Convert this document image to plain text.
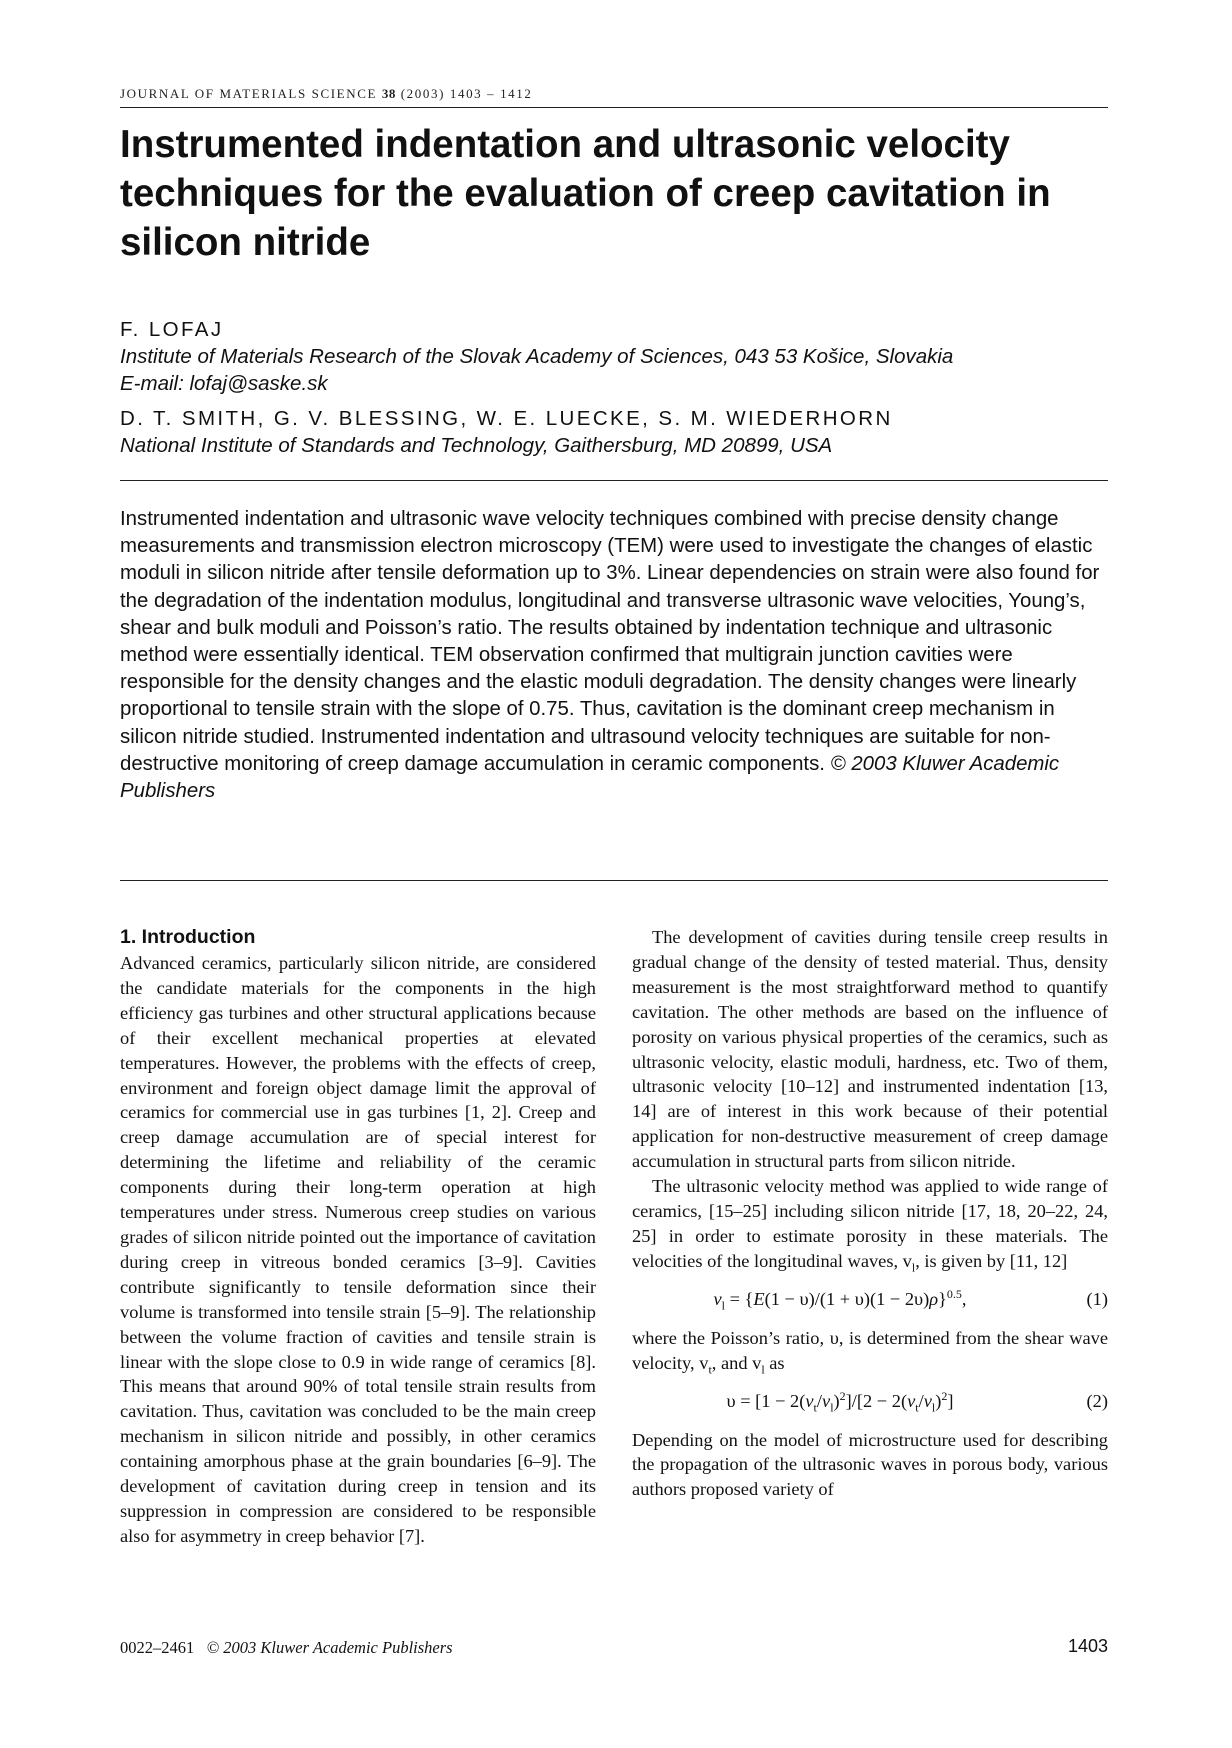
JOURNAL OF MATERIALS SCIENCE 38 (2003) 1403 – 1412
Instrumented indentation and ultrasonic velocity techniques for the evaluation of creep cavitation in silicon nitride
F. LOFAJ
Institute of Materials Research of the Slovak Academy of Sciences, 043 53 Košice, Slovakia
E-mail: lofaj@saske.sk
D. T. SMITH, G. V. BLESSING, W. E. LUECKE, S. M. WIEDERHORN
National Institute of Standards and Technology, Gaithersburg, MD 20899, USA

Instrumented indentation and ultrasonic wave velocity techniques combined with precise density change measurements and transmission electron microscopy (TEM) were used to investigate the changes of elastic moduli in silicon nitride after tensile deformation up to 3%. Linear dependencies on strain were also found for the degradation of the indentation modulus, longitudinal and transverse ultrasonic wave velocities, Young’s, shear and bulk moduli and Poisson’s ratio. The results obtained by indentation technique and ultrasonic method were essentially identical. TEM observation confirmed that multigrain junction cavities were responsible for the density changes and the elastic moduli degradation. The density changes were linearly proportional to tensile strain with the slope of 0.75. Thus, cavitation is the dominant creep mechanism in silicon nitride studied. Instrumented indentation and ultrasound velocity techniques are suitable for non-destructive monitoring of creep damage accumulation in ceramic components. © 2003 Kluwer Academic Publishers

1. Introduction

Advanced ceramics, particularly silicon nitride, are considered the candidate materials for the components in the high efficiency gas turbines and other structural applications because of their excellent mechanical properties at elevated temperatures. However, the problems with the effects of creep, environment and foreign object damage limit the approval of ceramics for commercial use in gas turbines [1, 2]. Creep and creep damage accumulation are of special interest for determining the lifetime and reliability of the ceramic components during their long-term operation at high temperatures under stress. Numerous creep studies on various grades of silicon nitride pointed out the importance of cavitation during creep in vitreous bonded ceramics [3–9]. Cavities contribute significantly to tensile deformation since their volume is transformed into tensile strain [5–9]. The relationship between the volume fraction of cavities and tensile strain is linear with the slope close to 0.9 in wide range of ceramics [8]. This means that around 90% of total tensile strain results from cavitation. Thus, cavitation was concluded to be the main creep mechanism in silicon nitride and possibly, in other ceramics containing amorphous phase at the grain boundaries [6–9]. The development of cavitation during creep in tension and its suppression in compression are considered to be responsible also for asymmetry in creep behavior [7].

The development of cavities during tensile creep results in gradual change of the density of tested material. Thus, density measurement is the most straightforward method to quantify cavitation. The other methods are based on the influence of porosity on various physical properties of the ceramics, such as ultrasonic velocity, elastic moduli, hardness, etc. Two of them, ultrasonic velocity [10–12] and instrumented indentation [13, 14] are of interest in this work because of their potential application for non-destructive measurement of creep damage accumulation in structural parts from silicon nitride.

The ultrasonic velocity method was applied to wide range of ceramics, [15–25] including silicon nitride [17, 18, 20–22, 24, 25] in order to estimate porosity in these materials. The velocities of the longitudinal waves, $v_l$, is given by [11, 12]

$v_l = \{E(1 - \upsilon)/(1 + \upsilon)(1 - 2\upsilon)\rho\}^{0.5}$,	(1)

where the Poisson’s ratio, υ, is determined from the shear wave velocity, $v_t$, and $v_l$ as

$\upsilon = [1 - 2(v_t/v_l)^2]/[2 - 2(v_t/v_l)^2]$	(2)

Depending on the model of microstructure used for describing the propagation of the ultrasonic waves in porous body, various authors proposed variety of

0022–2461 © 2003 Kluwer Academic Publishers	1403
